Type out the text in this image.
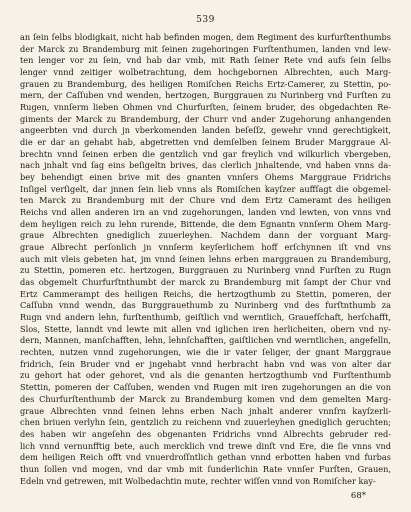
539
an ſein ſelbs blodigkait, nicht hab befinden mogen, dem Regiment des kurfurſtenthumbs
der Marck zu Brandemburg mit ſeinen zugehoringen Furſtenthumen, landen vnd lew-
ten lenger vor zu ſein, vnd hab dar vmb, mit Rath ſeiner Rete vnd aufs ſein ſelbs
lenger vnnd zeitiger wolbetrachtung, dem hochgebornen Albrechten, auch Marg-
grauen zu Brandemburg, des heiligen Romiſchen Reichs Ertz-Camerer, zu Stettin, po-
mern, der Caſſuben vnd wenden, hertzogen, Burggrauen zu Nurinberg vnd Furſten zu
Rugen, vnnſerm lieben Ohmen vnd Churfurſten, ſeinem bruder, des obgedachten Re-
giments der Marck zu Brandemburg, der Churr vnd ander Zugehorung anhangenden
angeerbten vnd durch jn vberkomenden landen beſeſſz, gewehr vnnd gerechtigkeit,
die er dar an gehabt hab, abgetretten vnd demſelben ſeinem Bruder Marggraue Al-
brechtn vnnd ſeinen erben die gentzlich vnd gar freylich vnd wilkurlich vbergeben,
nach jnhalt vnd ſag eins beſigeltn brives, das clerlich jnhaltende, vnd haben vnns da-
bey behendigt einen brive mit des gnanten vnnſers Ohems Marggraue Fridrichs
Inſigel verſigelt, dar jnnen ſein lieb vnns als Romiſchen kayſzer auffſagt die obgemel-
ten Marck zu Brandemburg mit der Chure vnd dem Ertz Cameramt des heiligen
Reichs vnd allen anderen irn an vnd zugehorungen, landen vnd lewten, von vnns vnd
dem heyligen reich zu lehn rurende, Bittende, die dem Egnantn vnnſerm Ohem Marg-
graue Albrechten gnediglich zuuerleyhen. Nachdem dann der vorguant Marg-
graue Albrecht perſonlich jn vnnſerm keyſerlichem hoff erſchynnen iſt vnd vns
auch mit vleis gebeten hat, jm vnnd ſeinen lehns erben marggrauen zu Brandemburg,
zu Stettin, pomeren etc. hertzogen, Burggrauen zu Nurinberg vnnd Furſten zu Rugn
das obgemelt Churfurſtnthumbt der marck zu Brandemburg mit ſampt der Chur vnd
Ertz Cammerampt des heiligen Reichs, die hertzogthumb zu Stettin, pomeren, der
Caſſubn vnnd wendn, das Burggrauethumb zu Nurinberg vnd des furſtnthumb za
Rugn vnd andern lehn, furſtenthumb, geiſtlich vnd werntlich, Grauefſchaft, herſchafft,
Slos, Stette, lanndt vnd lewte mit allen vnd iglichen iren herlicheiten, obern vnd ny-
dern, Mannen, manſchafften, lehn, lehnſchafften, gaiſtlichen vnd werntlichen, angefelln,
rechten, nutzen vnnd zugehorungen, wie die ir vater ſeliger, der gnant Marggraue
fridrich, ſein Bruder vnd er jngehabt vnnd herbracht habn vnd was von alter dar
zu gehort hat oder gehoret, vnd als die genanten hertzogthumb vnd Furſtenthumb
Stettin, pomeren der Caſſuben, wenden vnd Rugen mit iren zugehorungen an die von
des Churfurſtenthumb der Marck zu Brandemburg komen vnd dem gemelten Marg-
graue Albrechten vnnd ſeinen lehns erben Nach jnhalt anderer vnnſrn kayſzerli-
chen briuen verlyhn ſein, gentzlich zu reichenn vnd zuuerleyhen gnediglich geruchten;
des haben wir angeſehn des obgenanten Fridrichs vnnd Albrechts gebruder red-
lich vnnd vernunfftig bete, auch mercklich vnd trewe dinſt vnd Ere, die ſie vnns vnd
dem heiligen Reich offt vnd vnuerdroſſntlich gethan vnnd erbotten haben vnd furbas
thun ſollen vnd mogen, vnd dar vmb mit ſunderlichin Rate vnnſer Furſten, Grauen,
Edeln vnd getrewen, mit Wolbedachtin mute, rechter wiſſen vnnd von Romiſcher kay-
68*
